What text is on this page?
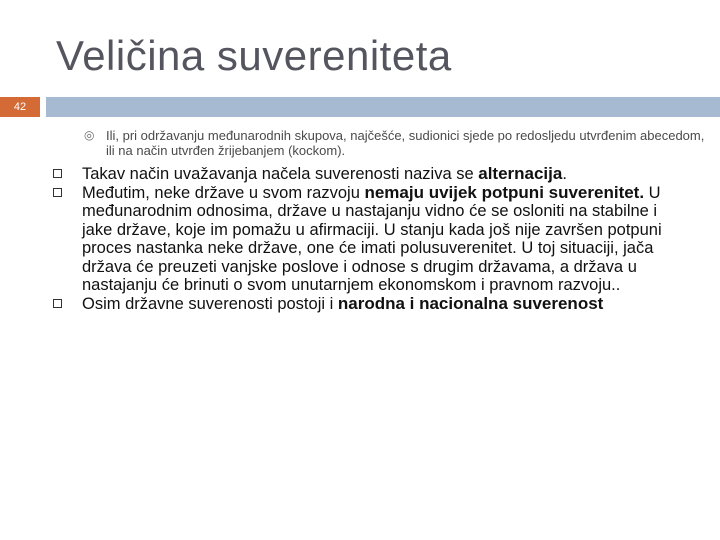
Veličina suvereniteta
42
◎ Ili, pri održavanju međunarodnih skupova, najčešće, sudionici sjede po redosljedu utvrđenim abecedom, ili na način utvrđen žrijebanjem (kockom).
Takav način uvažavanja načela suverenosti naziva se alternacija.
Međutim, neke države u svom razvoju nemaju uvijek potpuni suverenitet. U međunarodnim odnosima, države u nastajanju vidno će se osloniti na stabilne i jake države, koje im pomažu u afirmaciji. U stanju kada još nije završen potpuni proces nastanka neke države, one će imati polusuverenitet. U toj situaciji, jača država će preuzeti vanjske poslove i odnose s drugim državama, a država u nastajanju će brinuti o svom unutarnjem ekonomskom i pravnom razvoju..
Osim državne suverenosti postoji i narodna i nacionalna suverenost
